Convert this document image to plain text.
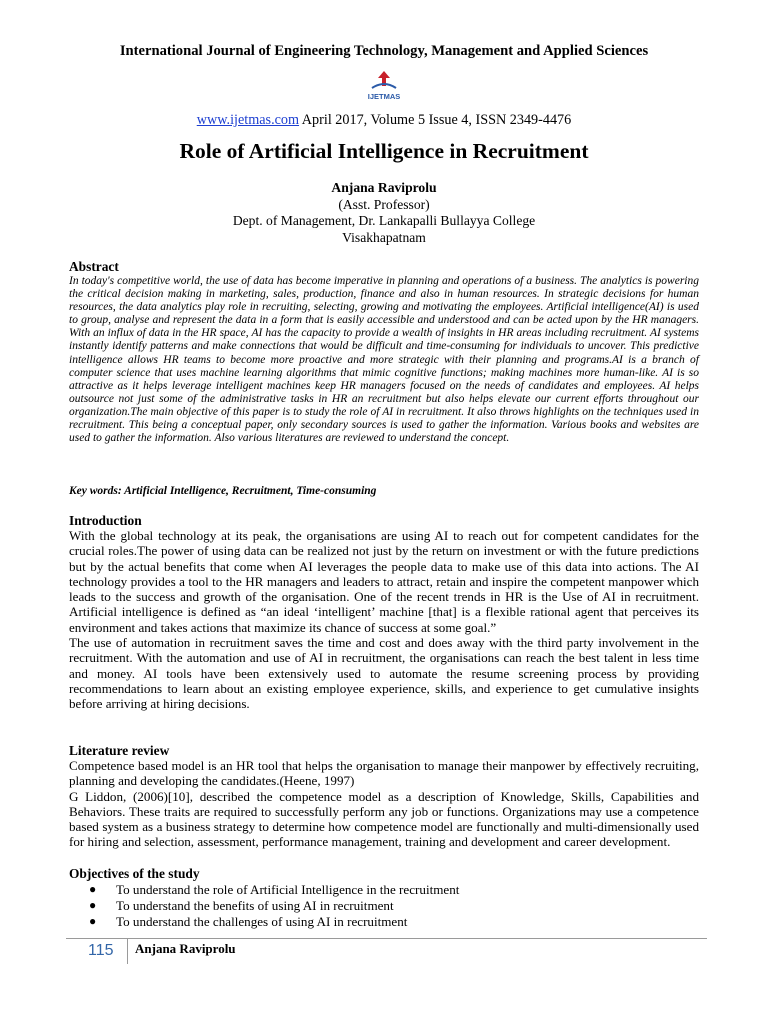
International Journal of Engineering Technology, Management and Applied Sciences
IJETMAS
www.ijetmas.com April 2017, Volume 5 Issue 4, ISSN 2349-4476
Role of Artificial Intelligence in Recruitment
Anjana Raviprolu
(Asst. Professor)
Dept. of Management, Dr. Lankapalli Bullayya College
Visakhapatnam
Abstract
In today's competitive world, the use of data has become imperative in planning and operations of a business. The analytics is powering the critical decision making in marketing, sales, production, finance and also in human resources. In strategic decisions for human resources, the data analytics play role in recruiting, selecting, growing and motivating the employees. Artificial intelligence(AI) is used to group, analyse and represent the data in a form that is easily accessible and understood and can be acted upon by the HR managers. With an influx of data in the HR space, AI has the capacity to provide a wealth of insights in HR areas including recruitment. AI systems instantly identify patterns and make connections that would be difficult and time-consuming for individuals to uncover. This predictive intelligence allows HR teams to become more proactive and more strategic with their planning and programs.AI is a branch of computer science that uses machine learning algorithms that mimic cognitive functions; making machines more human-like. AI is so attractive as it helps leverage intelligent machines keep HR managers focused on the needs of candidates and employees. AI helps outsource not just some of the administrative tasks in HR an recruitment but also helps elevate our current efforts throughout our organization.The main objective of this paper is to study the role of AI in recruitment. It also throws highlights on the techniques used in recruitment. This being a conceptual paper, only secondary sources is used to gather the information. Various books and websites are used to gather the information. Also various literatures are reviewed to understand the concept.
Key words: Artificial Intelligence, Recruitment, Time-consuming
Introduction

With the global technology at its peak, the organisations are using AI to reach out for competent candidates for the crucial roles.The power of using data can be realized not just by the return on investment or with the future predictions but by the actual benefits that come when AI leverages the people data to make use of this data into actions. The AI technology provides a tool to the HR managers and leaders to attract, retain and inspire the competent manpower which leads to the success and growth of the organisation. One of the recent trends in HR is the Use of AI in recruitment. Artificial intelligence is defined as “an ideal ‘intelligent’ machine [that] is a flexible rational agent that perceives its environment and takes actions that maximize its chance of success at some goal.”

The use of automation in recruitment saves the time and cost and does away with the third party involvement in the recruitment. With the automation and use of AI in recruitment, the organisations can reach the best talent in less time and money. AI tools have been extensively used to automate the resume screening process by providing recommendations to learn about an existing employee experience, skills, and experience to get cumulative insights before arriving at hiring decisions.

Literature review

Competence based model is an HR tool that helps the organisation to manage their manpower by effectively recruiting, planning and developing the candidates.(Heene, 1997)

G Liddon, (2006)[10], described the competence model as a description of Knowledge, Skills, Capabilities and Behaviors. These traits are required to successfully perform any job or functions. Organizations may use a competence based system as a business strategy to determine how competence model are functionally and multi-dimensionally used for hiring and selection, assessment, performance management, training and development and career development.

Objectives of the study
● To understand the role of Artificial Intelligence in the recruitment
● To understand the benefits of using AI in recruitment
● To understand the challenges of using AI in recruitment
115 Anjana Raviprolu
